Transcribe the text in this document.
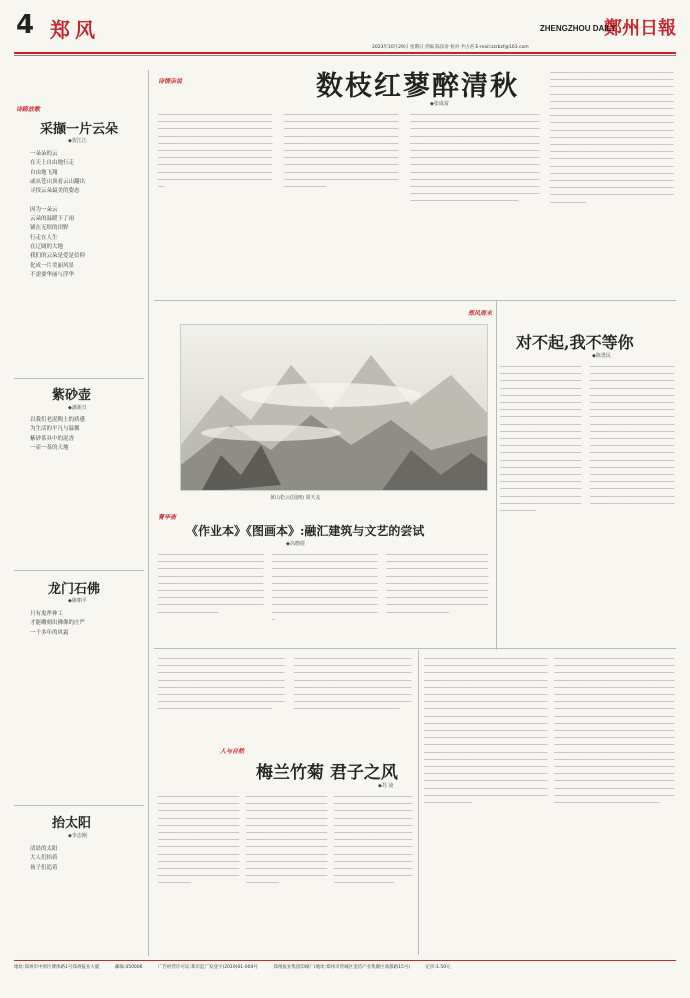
4 郑风	鄭州日報
ZHENGZHOU DAILY
2023年10月29日 星期日 责编 陈泽涛 校对 尹占君 E-mail:zzrbzf@163.com
诗路放歌
采撷一片云朵
◆贺江江
一朵朵的云
在天上自由地行走
自由地飞翔
或从苍山顶看云山翻出
寻找云朵最美的姿态

因为一朵云
云朵的温暖下了雨
铺在无垠的田野
行走在人生
在辽阔的大地
我们的云朵是爱是信仰
化成一片美丽风景
不需要华丽与浮华

紫砂壶
◆潘新日
以我们老泥陶土的质感
为生活的平凡与温馨
紫砂茶具中的泥香
一壶一茶的天地

龙门石佛
◆姚朝平
只有鬼斧神工
才能雕刻出佛像的庄严
一千多年的风霜

抬太阳
◆李志刚
清晨的太阳
大人们抬着
孩子们追着

诗情杂说	数枝红蓼醉清秋
◆张成富
──────────────────────────────────────────────────────────────────────────────────────────────────────────────────────────────────────────────────────────────────────────────────────────────────────────────────────────────────────────────────────────────────────────────────────────────────────────────────────────────────────────────────────────────────────────────────────────────
──────────────────────────────────────────────────────────────────────────────────────────────────────────────────────────────────────────────────────────────────────────────────────────────────────────────────────────────────────────────────────────────────────────────────────────────────────────────────────────────────────────────────────────────────────────────────────────────────────────
────────────────────────────────────────────────────────────────────────────────────────────────────────────────────────────────────────────────────────────────────────────────────────────────────────────────────────────────────────────────────────────────────────────────────────────────────────────────────────────────────────────────────────────────────────────────────────────────────────────────────────────────────────────────────────────────────────────────────────────────────────────────────────────────────────────────────────────────────────
──────────────────────────────────────────────────────────────────────────────────────────────────────────────────────────────────────────────────────────────────────────────────────────────────────────────────────────────────────────────────────────────────────────────────────────────────────────────────────────────────────────────────────────────────────────────────────────────────────────────────────────────────────────────────────────────────────────────────────────────────────────────────────────────────────────────────────────────────────────────────────────────────────────────────────────────────────────────────────────────────────────────────────────────────────────────────────────────────────────────────────────────────────────────
黄山松云(国画) 周天友
郑风周末
对不起,我不等你
◆陈勇民
────────────────────────────────────────────────────────────────────────────────────────────────────────────────────────────────────────────────────────────────────────────────────────────────────────────────────────────────────────────────────────────────────────────────────────────────────────────────────────────────────────────────────────────────────────────────────────────────────────────────────────────────────────────────────────────────────────────────────────────────────────────────────────────────────────────────────────────────────────
────────────────────────────────────────────────────────────────────────────────────────────────────────────────────────────────────────────────────────────────────────────────────────────────────────────────────────────────────────────────────────────────────────────────────────────────────────────────────────────────────────────────────────────────────────────────────────────────────────────────────────────────────────────────────────────────────────────────────────────────────────────────────────────────────────────────────────────────────────────────
菁华斋
《作业本》《图画本》:融汇建筑与文艺的尝试
◆高晓倩
────────────────────────────────────────────────────────────────────────────────────────────────────────────────────────────────────────────────────────────────────────────────────────────────────────────────────────────────────────────────────────────────────────────────────────────────────────────
────────────────────────────────────────────────────────────────────────────────────────────────────────────────────────────────────────────────────────────────────────────────────────────────────────────────────────────────────────────────────────────────────────────────────────────────────────────────────────────
─────────────────────────────────────────────────────────────────────────────────────────────────────────────────────────────────────────────────────────────────────────────────────────────────────────────────────────────────────────────────────────────────────────────────────────────────────
────────────────────────────────────────────────────────────────────────────────────────────────────────────────────────────────────────────────────────────────────────────────────────────────────────────────────────────────────────────────────────────────────────────────────────────────────────────────────────────────────────────
────────────────────────────────────────────────────────────────────────────────────────────────────────────────────────────────────────────────────────────────────────────────────────────────────────────────────────────────────────────────────────────────────────────────────────────────────────────────────
人与自然
梅兰竹菊 君子之风
◆苏 凌
───────────────────────────────────────────────────────────────────────────────────────────────────────────────────────────────────────────────────────────────────────────────────────────────────────────────────────────────────────────────────────────────────────────────────────────────────────────────────────────────────────────────
───────────────────────────────────────────────────────────────────────────────────────────────────────────────────────────────────────────────────────────────────────────────────────────────────────────────────────────────────────────────────────────────────────────────────────────────────────────────────────────────────────────────
────────────────────────────────────────────────────────────────────────────────────────────────────────────────────────────────────────────────────────────────────────────────────────────────────────────────────────────────────────────────────────────────────────────────────────────────────────────────────────────────────────────
────────────────────────────────────────────────────────────────────────────────────────────────────────────────────────────────────────────────────────────────────────────────────────────────────────────────────────────────────────────────────────────────────────────────────────────────────────────────────────────────────────────────────────────────────────────────────────────────────────────────────────────────────────────────────────────────────────────────────────────────────────────────────────────────────────────────────────────────────────────────────────────────────────────────────────────────────────────────────────────────────────────────────────────────────────────────────────────────────────────────────────────────────────────────────────────────────────────────────────────────────────────────────────────────────
───────────────────────────────────────────────────────────────────────────────────────────────────────────────────────────────────────────────────────────────────────────────────────────────────────────────────────────────────────────────────────────────────────────────────────────────────────────────────────────────────────────────────────────────────────────────────────────────────────────────────────────────────────────────────────────────────────────────────────────────────────────────────────────────────────────────────────────────────────────────────────────────────────────────────────────────────────────────────────────────────────────────────────────────────────────────────────────────────────────────────────────────────────────────────────────────────────────────────────────────────────────────────────────────────
地址:郑州市中原区博体路1号郑州报业大厦	邮编:450006	广告经营许可证:郑市监广发登字(2019)01-004号	郑州报业集团印刷厂(地址:郑州市管城区金岱产业集聚区商都路15号)	定价:1.50元
